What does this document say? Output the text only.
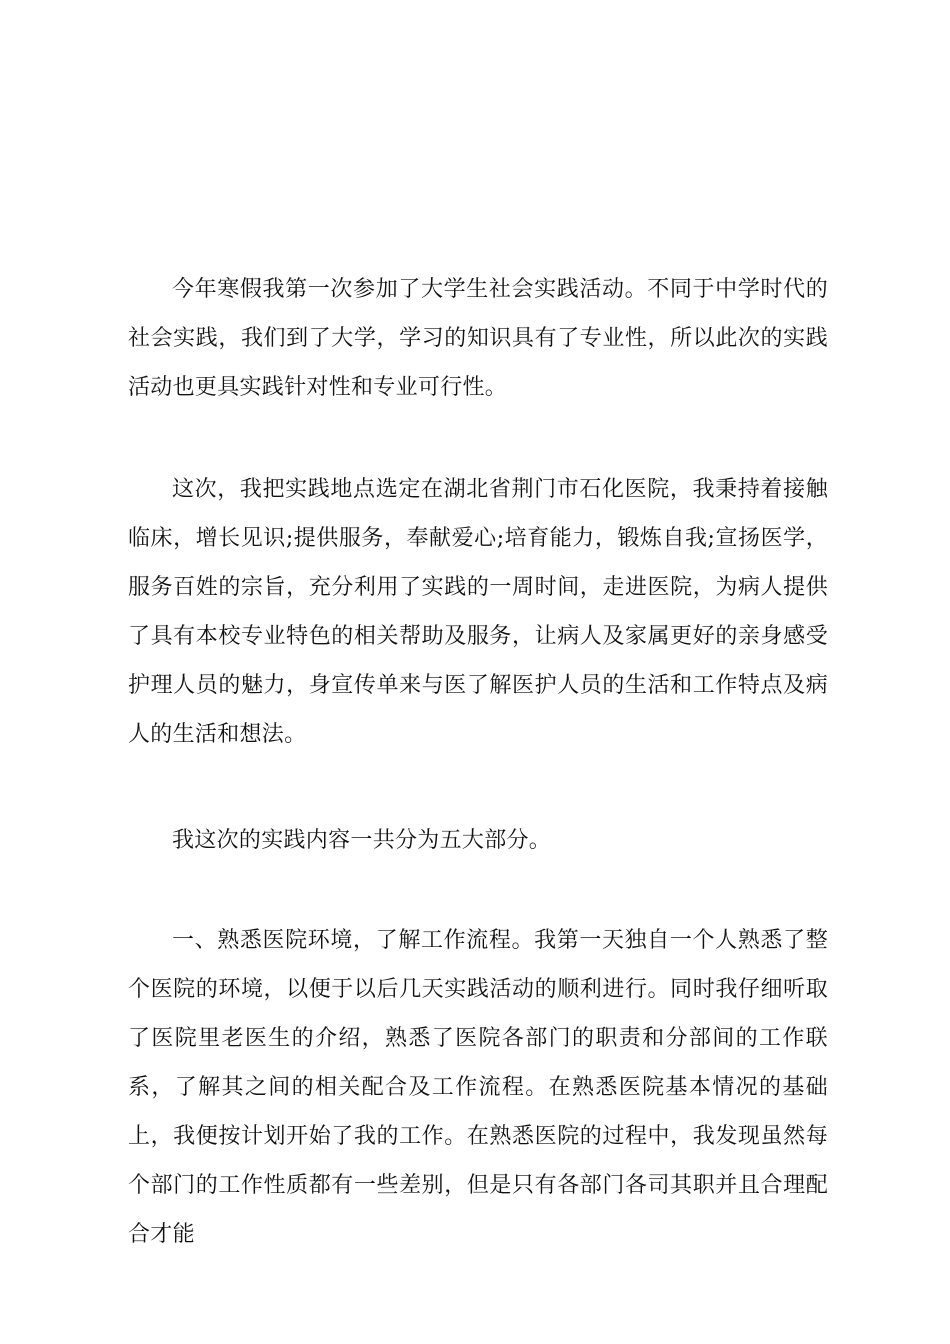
今年寒假我第一次参加了大学生社会实践活动。不同于中学时代的社会实践，我们到了大学，学习的知识具有了专业性，所以此次的实践活动也更具实践针对性和专业可行性。

这次，我把实践地点选定在湖北省荆门市石化医院，我秉持着接触临床，增长见识;提供服务，奉献爱心;培育能力，锻炼自我;宣扬医学，服务百姓的宗旨，充分利用了实践的一周时间，走进医院，为病人提供了具有本校专业特色的相关帮助及服务，让病人及家属更好的亲身感受护理人员的魅力，身宣传单来与医了解医护人员的生活和工作特点及病人的生活和想法。

我这次的实践内容一共分为五大部分。

一、熟悉医院环境，了解工作流程。我第一天独自一个人熟悉了整个医院的环境，以便于以后几天实践活动的顺利进行。同时我仔细听取了医院里老医生的介绍，熟悉了医院各部门的职责和分部间的工作联系，了解其之间的相关配合及工作流程。在熟悉医院基本情况的基础上，我便按计划开始了我的工作。在熟悉医院的过程中，我发现虽然每个部门的工作性质都有一些差别，但是只有各部门各司其职并且合理配合才能
